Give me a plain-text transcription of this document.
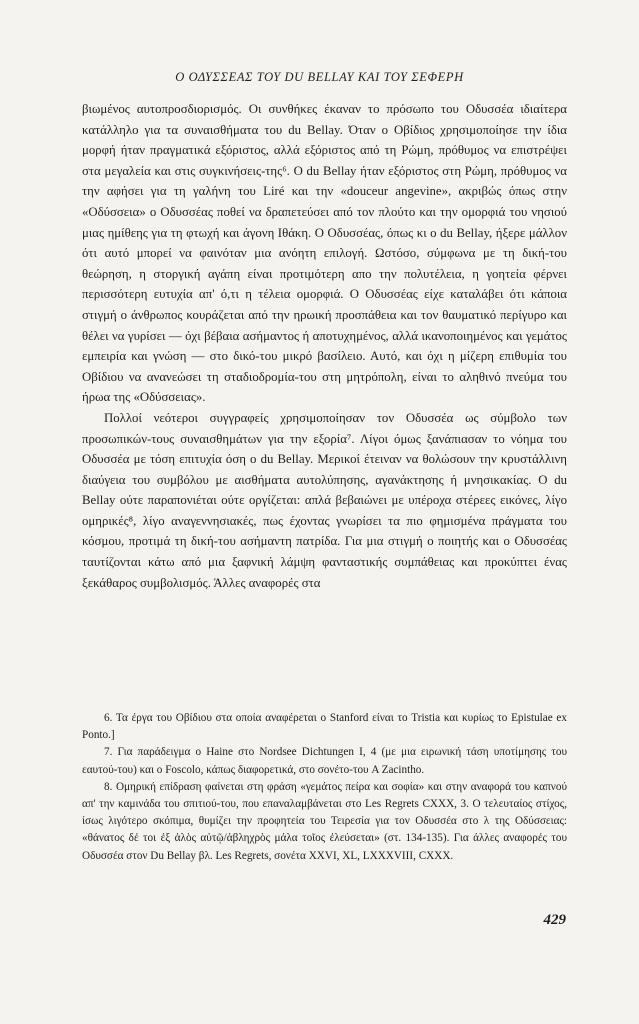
Ο ΟΔΥΣΣΕΑΣ ΤΟΥ DU BELLAY ΚΑΙ ΤΟΥ ΣΕΦΕΡΗ

βιωμένος αυτοπροσδιορισμός. Οι συνθήκες έκαναν το πρόσωπο του Οδυσσέα ιδιαίτερα κατάλληλο για τα συναισθήματα του du Bellay. Όταν ο Οβίδιος χρησιμοποίησε την ίδια μορφή ήταν πραγματικά εξόριστος, αλλά εξόριστος από τη Ρώμη, πρόθυμος να επιστρέψει στα μεγαλεία και στις συγκινήσεις-της⁶. Ο du Bellay ήταν εξόριστος στη Ρώμη, πρόθυμος να την αφήσει για τη γαλήνη του Liré και την «douceur angevine», ακριβώς όπως στην «Οδύσσεια» ο Οδυσσέας ποθεί να δραπετεύσει από τον πλούτο και την ομορφιά του νησιού μιας ημίθεης για τη φτωχή και άγονη Ιθάκη. Ο Οδυσσέας, όπως κι ο du Bellay, ήξερε μάλλον ότι αυτό μπορεί να φαινόταν μια ανόητη επιλογή. Ωστόσο, σύμφωνα με τη δική-του θεώρηση, η στοργική αγάπη είναι προτιμότερη απο την πολυτέλεια, η γοητεία φέρνει περισσότερη ευτυχία απ' ό,τι η τέλεια ομορφιά. Ο Οδυσσέας είχε καταλάβει ότι κάποια στιγμή ο άνθρωπος κουράζεται από την ηρωική προσπάθεια και τον θαυματικό περίγυρο και θέλει να γυρίσει — όχι βέβαια ασήμαντος ή αποτυχημένος, αλλά ικανοποιημένος και γεμάτος εμπειρία και γνώση — στο δικό-του μικρό βασίλειο. Αυτό, και όχι η μίζερη επιθυμία του Οβίδιου να ανανεώσει τη σταδιοδρομία-του στη μητρόπολη, είναι το αληθινό πνεύμα του ήρωα της «Οδύσσειας».

Πολλοί νεότεροι συγγραφείς χρησιμοποίησαν τον Οδυσσέα ως σύμβολο των προσωπικών-τους συναισθημάτων για την εξορία⁷. Λίγοι όμως ξανάπιασαν το νόημα του Οδυσσέα με τόση επιτυχία όση ο du Bellay. Μερικοί έτειναν να θολώσουν την κρυστάλλινη διαύγεια του συμβόλου με αισθήματα αυτολύπησης, αγανάκτησης ή μνησικακίας. Ο du Bellay ούτε παραπονιέται ούτε οργίζεται: απλά βεβαιώνει με υπέροχα στέρεες εικόνες, λίγο ομηρικές⁸, λίγο αναγεννησιακές, πως έχοντας γνωρίσει τα πιο φημισμένα πράγματα του κόσμου, προτιμά τη δική-του ασήμαντη πατρίδα. Για μια στιγμή ο ποιητής και ο Οδυσσέας ταυτίζονται κάτω από μια ξαφνική λάμψη φανταστικής συμπάθειας και προκύπτει ένας ξεκάθαρος συμβολισμός. Άλλες αναφορές στα

6. Τα έργα του Οβίδιου στα οποία αναφέρεται ο Stanford είναι το Tristia και κυρίως το Epistulae ex Ponto.]

7. Για παράδειγμα ο Haine στο Nordsee Dichtungen I, 4 (με μια ειρωνική τάση υποτίμησης του εαυτού-του) και ο Foscolo, κάπως διαφορετικά, στο σονέτο-του A Zacintho.

8. Ομηρική επίδραση φαίνεται στη φράση «γεμάτος πείρα και σοφία» και στην αναφορά του καπνού απ' την καμινάδα του σπιτιού-του, που επαναλαμβάνεται στο Les Regrets CXXX, 3. Ο τελευταίος στίχος, ίσως λιγότερο σκόπιμα, θυμίζει την προφητεία του Τειρεσία για τον Οδυσσέα στο λ της Οδύσσειας: «θάνατος δέ τοι ἐξ ἁλὸς αὐτῷ/ἀβληχρὸς μάλα τοῖος ἐλεύσεται» (στ. 134-135). Για άλλες αναφορές του Οδυσσέα στον Du Bellay βλ. Les Regrets, σονέτα XXVI, XL, LXXXVIII, CXXX.

429
